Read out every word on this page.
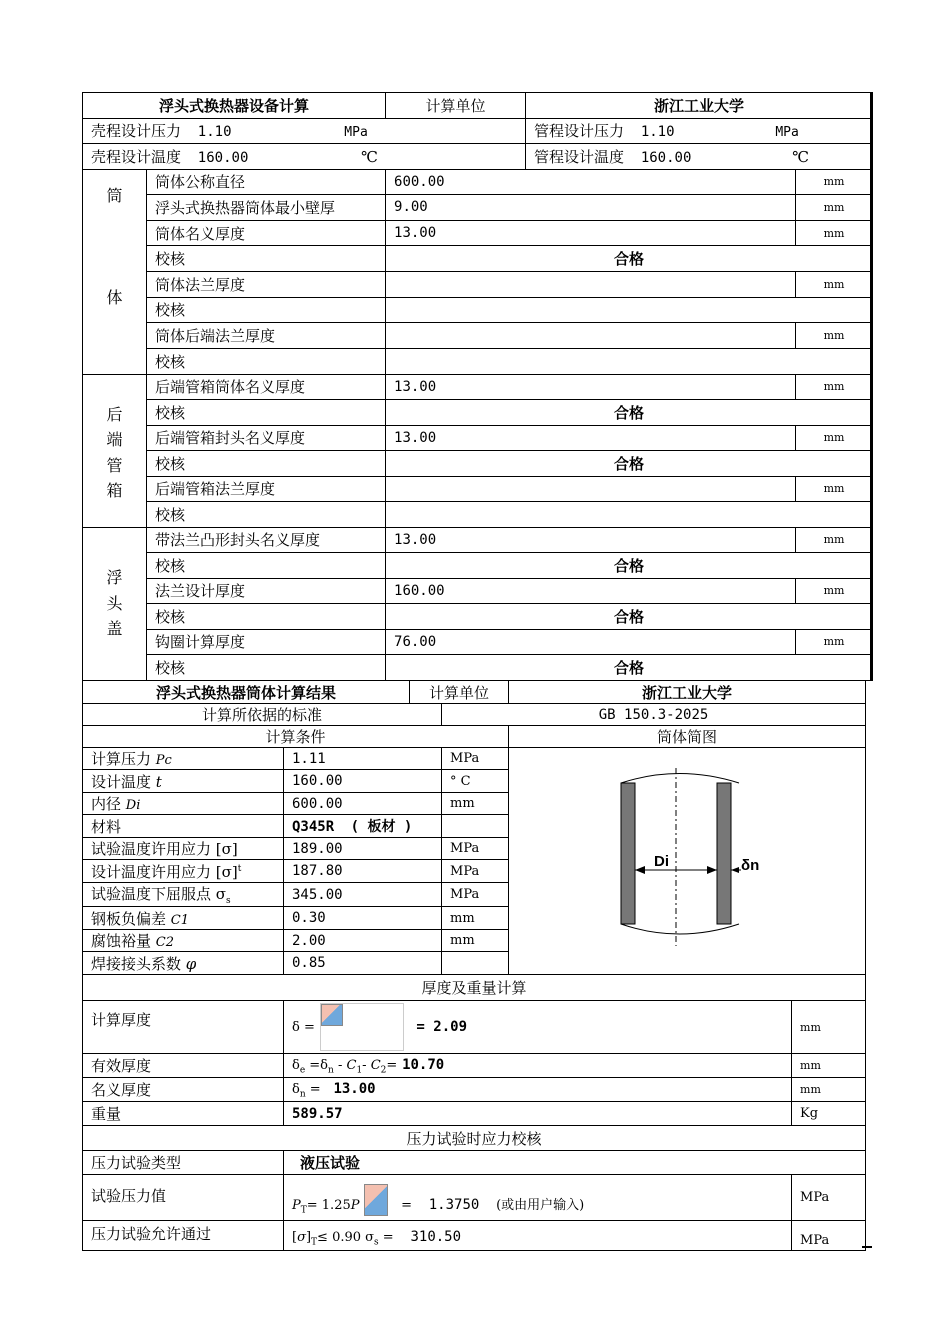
浮头式换热器设备计算		计算单位	浙江工业大学	
壳程设计压力 1.10 MPa			管程设计压力 1.10 MPa	
壳程设计温度 160.00 ℃			管程设计温度 160.00 ℃	

筒
体	筒体公称直径	600.00		mm
	浮头式换热器筒体最小壁厚	9.00		mm
	筒体名义厚度	13.00		mm
	校核	合格		
	筒体法兰厚度			mm
	校核			
	筒体后端法兰厚度			mm
	校核			

后
端
管
箱	后端管箱筒体名义厚度	13.00		mm
	校核	合格		
	后端管箱封头名义厚度	13.00		mm
	校核	合格		
	后端管箱法兰厚度			mm
	校核			

浮
头
盖	带法兰凸形封头名义厚度	13.00		mm
	校核	合格		
	法兰设计厚度	160.00		mm
	校核	合格		
	钩圈计算厚度	76.00		mm
	校核	合格		
浮头式换热器筒体计算结果		计算单位		浙江工业大学	
计算所依据的标准			GB 150.3-2025		
计算条件				筒体简图	
计算压力 Pc	1.11		MPa	Di δn	

设计温度 t	160.00		° C		
内径 Di	600.00		mm		
材料	Q345R ( 板材 )				
试验温度许用应力 [σ]	189.00		MPa		
设计温度许用应力 $[\sigma]^t$	187.80		MPa		
试验温度下屈服点 $\sigma_s$	345.00		MPa		
钢板负偏差 C1	0.30		mm		
腐蚀裕量 C2	2.00		mm		
焊接接头系数 φ	0.85				
厚度及重量计算					
计算厚度	δ = = 2.09				mm
有效厚度	$\delta_e =\delta_n - C_1-$ $C_2= 10.70$				mm
名义厚度	$\delta_n = 13.00$				mm
重量	589.57				Kg
压力试验时应力校核					
压力试验类型	液压试验				
试验压力值	$P_T= 1.25P = 1.3750$ (或由用户输入)				MPa
压力试验允许通过	$[\sigma]_T\le 0.90$ $\sigma_s = 310.50$				MPa
